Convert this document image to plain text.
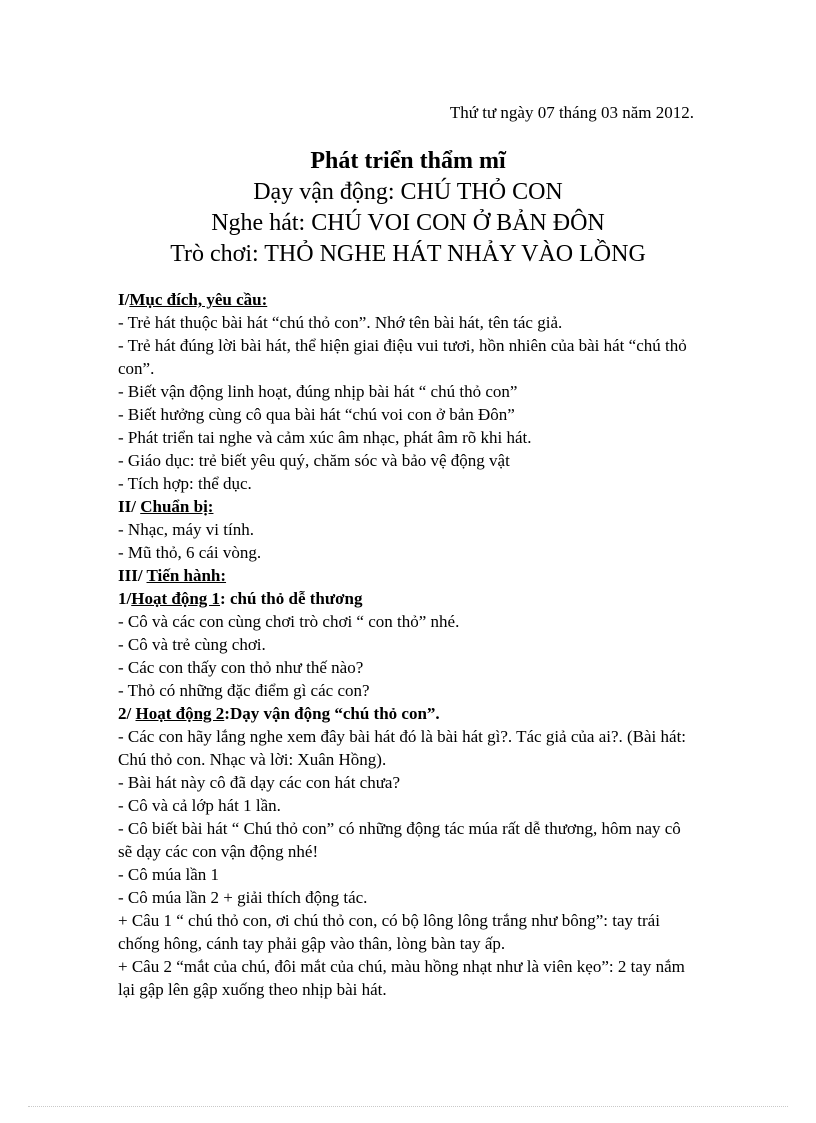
Thứ tư ngày 07 tháng 03 năm 2012.

Phát triển thẩm mĩ

Dạy vận động: CHÚ THỎ CON

Nghe hát: CHÚ VOI CON Ở BẢN ĐÔN

Trò chơi: THỎ NGHE HÁT NHẢY VÀO LỒNG

I/Mục đích, yêu cầu:

- Trẻ hát thuộc bài hát “chú thỏ con”. Nhớ tên bài hát, tên tác giả.

- Trẻ hát đúng lời bài hát, thể hiện giai điệu vui tươi, hồn nhiên của bài hát “chú thỏ con”.

- Biết vận động linh hoạt, đúng nhịp bài hát “ chú thỏ con”

- Biết hưởng cùng cô qua bài hát “chú voi con ở bản Đôn”

- Phát triển tai nghe và cảm xúc âm nhạc, phát âm rõ khi hát.

- Giáo dục: trẻ biết yêu quý, chăm sóc và bảo vệ động vật

- Tích hợp: thể dục.

II/ Chuẩn bị:

- Nhạc, máy vi tính.

- Mũ thỏ, 6 cái vòng.

III/ Tiến hành:

1/Hoạt động 1: chú thỏ dễ thương

- Cô và các con cùng chơi trò chơi “ con thỏ” nhé.

- Cô và trẻ cùng chơi.

- Các con thấy con thỏ như thế nào?

- Thỏ có những đặc điểm gì các con?

2/ Hoạt động 2:Dạy vận động “chú thỏ con”.

- Các con hãy lắng nghe xem đây bài hát đó là bài hát gì?. Tác giả của ai?. (Bài hát: Chú thỏ con. Nhạc và lời: Xuân Hồng).

- Bài hát này cô đã dạy các con hát chưa?

- Cô và cả lớp hát 1 lần.

- Cô biết bài hát “ Chú thỏ con” có những động tác múa rất dễ thương, hôm nay cô sẽ dạy các con vận động nhé!

- Cô múa lần 1

- Cô múa lần 2 + giải thích động tác.

+ Câu 1 “ chú thỏ con, ơi chú thỏ con, có bộ lông lông trắng như bông”: tay trái chống hông, cánh tay phải gập vào thân, lòng bàn tay ấp.

+ Câu 2 “mắt của chú, đôi mắt của chú, màu hồng nhạt như là viên kẹo”: 2 tay nắm lại gập lên gập xuống theo nhịp bài hát.
